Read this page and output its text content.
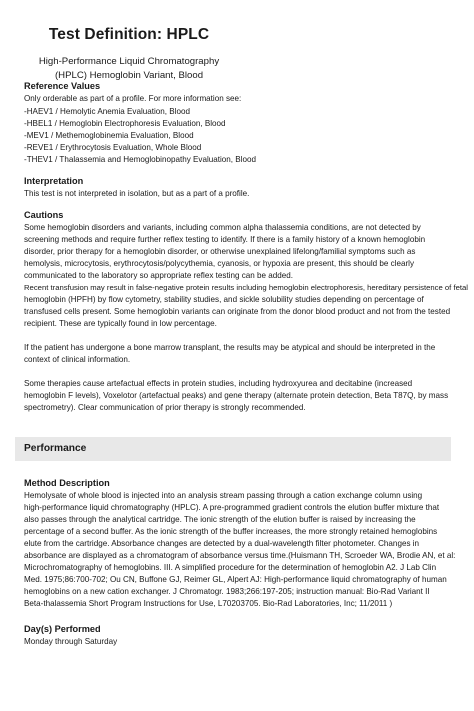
Test Definition: HPLC
High-Performance Liquid Chromatography
(HPLC) Hemoglobin Variant, Blood
Reference Values
Only orderable as part of a profile. For more information see:
-HAEV1 / Hemolytic Anemia Evaluation, Blood
-HBEL1 / Hemoglobin Electrophoresis Evaluation, Blood
-MEV1 / Methemoglobinemia Evaluation, Blood
-REVE1 / Erythrocytosis Evaluation, Whole Blood
-THEV1 / Thalassemia and Hemoglobinopathy Evaluation, Blood
Interpretation
This test is not interpreted in isolation, but as a part of a profile.
Cautions
Some hemoglobin disorders and variants, including common alpha thalassemia conditions, are not detected by
screening methods and require further reflex testing to identify. If there is a family history of a known hemoglobin
disorder, prior therapy for a hemoglobin disorder, or otherwise unexplained lifelong/familial symptoms such as
hemolysis, microcytosis, erythrocytosis/polycythemia, cyanosis, or hypoxia are present, this should be clearly
communicated to the laboratory so appropriate reflex testing can be added.
Recent transfusion may result in false-negative protein results including hemoglobin electrophoresis, hereditary persistence of fetal
hemoglobin (HPFH) by flow cytometry, stability studies, and sickle solubility studies depending on percentage of
transfused cells present. Some hemoglobin variants can originate from the donor blood product and not from the tested
recipient. These are typically found in low percentage.
If the patient has undergone a bone marrow transplant, the results may be atypical and should be interpreted in the
context of clinical information.
Some therapies cause artefactual effects in protein studies, including hydroxyurea and decitabine (increased
hemoglobin F levels), Voxelotor (artefactual peaks) and gene therapy (alternate protein detection, Beta T87Q, by mass
spectrometry). Clear communication of prior therapy is strongly recommended.
Performance
Method Description
Hemolysate of whole blood is injected into an analysis stream passing through a cation exchange column using
high-performance liquid chromatography (HPLC). A pre-programmed gradient controls the elution buffer mixture that
also passes through the analytical cartridge. The ionic strength of the elution buffer is raised by increasing the
percentage of a second buffer. As the ionic strength of the buffer increases, the more strongly retained hemoglobins
elute from the cartridge. Absorbance changes are detected by a dual-wavelength filter photometer. Changes in
absorbance are displayed as a chromatogram of absorbance versus time.(Huismann TH, Scroeder WA, Brodie AN, et al:
Microchromatography of hemoglobins. III. A simplified procedure for the determination of hemoglobin A2. J Lab Clin
Med. 1975;86:700-702; Ou CN, Buffone GJ, Reimer GL, Alpert AJ: High-performance liquid chromatography of human
hemoglobins on a new cation exchanger. J Chromatogr. 1983;266:197-205; instruction manual: Bio-Rad Variant II
Beta-thalassemia Short Program Instructions for Use, L70203705. Bio-Rad Laboratories, Inc; 11/2011 )
Day(s) Performed
Monday through Saturday
